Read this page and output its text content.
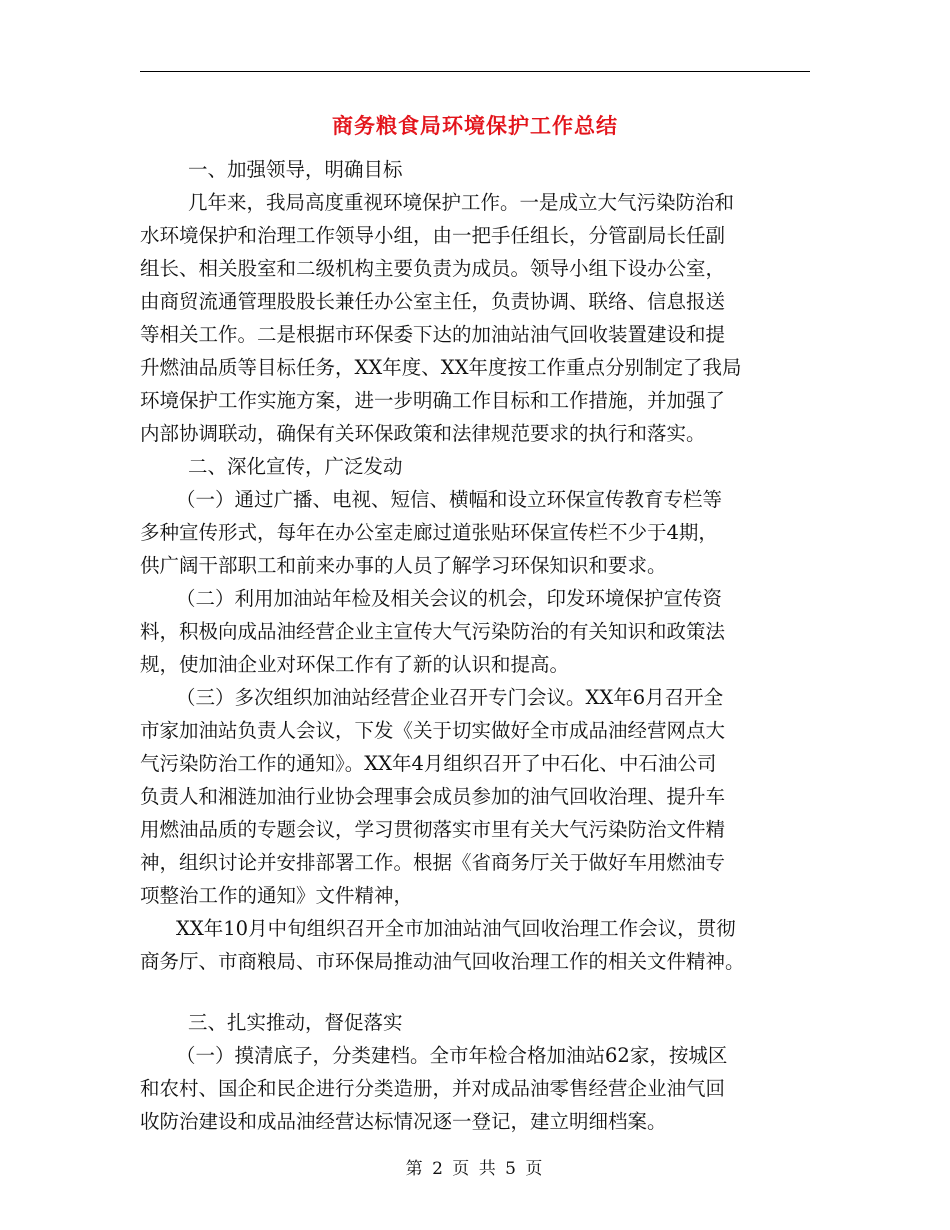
商务粮食局环境保护工作总结

一、加强领导，明确目标

几年来，我局高度重视环境保护工作。一是成立大气污染防治和
水环境保护和治理工作领导小组，由一把手任组长，分管副局长任副
组长、相关股室和二级机构主要负责为成员。领导小组下设办公室，
由商贸流通管理股股长兼任办公室主任，负责协调、联络、信息报送
等相关工作。二是根据市环保委下达的加油站油气回收装置建设和提
升燃油品质等目标任务，XX年度、XX年度按工作重点分别制定了我局
环境保护工作实施方案，进一步明确工作目标和工作措施，并加强了
内部协调联动，确保有关环保政策和法律规范要求的执行和落实。

二、深化宣传，广泛发动

（一）通过广播、电视、短信、横幅和设立环保宣传教育专栏等
多种宣传形式，每年在办公室走廊过道张贴环保宣传栏不少于4期，
供广阔干部职工和前来办事的人员了解学习环保知识和要求。
（二）利用加油站年检及相关会议的机会，印发环境保护宣传资
料，积极向成品油经营企业主宣传大气污染防治的有关知识和政策法
规，使加油企业对环保工作有了新的认识和提高。
（三）多次组织加油站经营企业召开专门会议。XX年6月召开全
市家加油站负责人会议，下发《关于切实做好全市成品油经营网点大
气污染防治工作的通知》。XX年4月组织召开了中石化、中石油公司
负责人和湘涟加油行业协会理事会成员参加的油气回收治理、提升车
用燃油品质的专题会议，学习贯彻落实市里有关大气污染防治文件精
神，组织讨论并安排部署工作。根据《省商务厅关于做好车用燃油专
项整治工作的通知》文件精神，
XX年10月中旬组织召开全市加油站油气回收治理工作会议，贯彻
商务厅、市商粮局、市环保局推动油气回收治理工作的相关文件精神。

三、扎实推动，督促落实

（一）摸清底子，分类建档。全市年检合格加油站62家，按城区
和农村、国企和民企进行分类造册，并对成品油零售经营企业油气回
收防治建设和成品油经营达标情况逐一登记，建立明细档案。
第 2 页 共 5 页
